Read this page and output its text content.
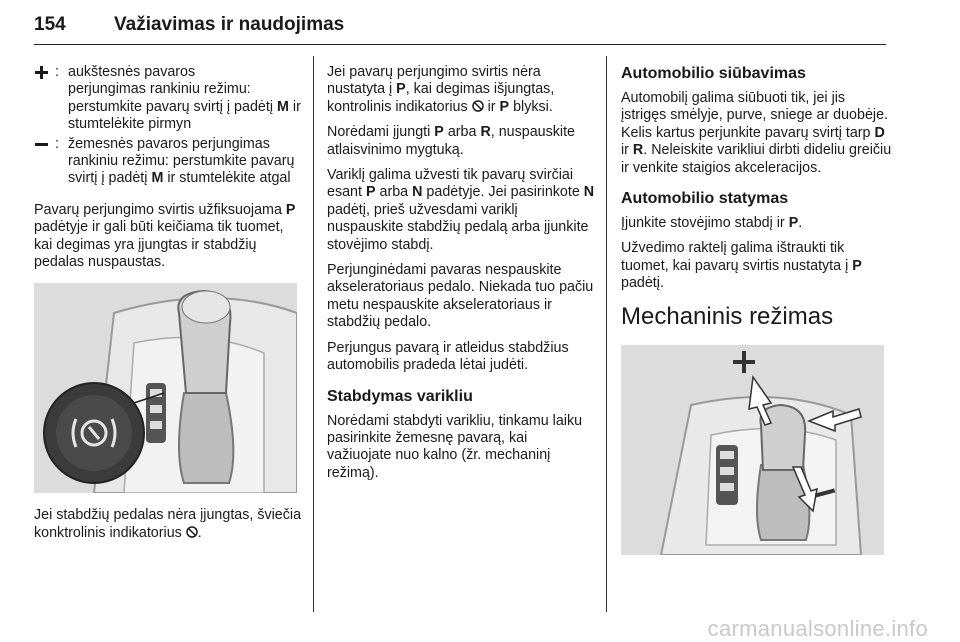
154	Važiavimas ir naudojimas
: aukštesnės pavaros
perjungimas rankiniu režimu: perstumkite pavarų svirtį į padėtį M ir stumtelėkite pirmyn
: žemesnės pavaros perjungimas rankiniu režimu: perstumkite pavarų svirtį į padėtį M ir stumtelėkite atgal

Pavarų perjungimo svirtis užfiksuojama P padėtyje ir gali būti keičiama tik tuomet, kai degimas yra įjungtas ir stabdžių pedalas nuspaustas.

Jei stabdžių pedalas nėra įjungtas, šviečia konktrolinis indikatorius .

Jei pavarų perjungimo svirtis nėra nustatyta į P, kai degimas išjungtas, kontrolinis indikatorius ir P blyksi.

Norėdami įjungti P arba R, nuspauskite atlaisvinimo mygtuką.

Variklį galima užvesti tik pavarų svirčiai esant P arba N padėtyje. Jei pasirinkote N padėtį, prieš užvesdami variklį nuspauskite stabdžių pedalą arba įjunkite stovėjimo stabdį.

Perjunginėdami pavaras nespauskite akseleratoriaus pedalo. Niekada tuo pačiu metu nespauskite akseleratoriaus ir stabdžių pedalo.

Perjungus pavarą ir atleidus stabdžius automobilis pradeda lėtai judėti.

Stabdymas varikliu

Norėdami stabdyti varikliu, tinkamu laiku pasirinkite žemesnę pavarą, kai važiuojate nuo kalno (žr. mechaninį režimą).

Automobilio siūbavimas

Automobilį galima siūbuoti tik, jei jis įstrigęs smėlyje, purve, sniege ar duobėje. Kelis kartus perjunkite pavarų svirtį tarp D ir R. Neleiskite varikliui dirbti dideliu greičiu ir venkite staigios akceleracijos.

Automobilio statymas

Įjunkite stovėjimo stabdį ir P.

Užvedimo raktelį galima ištraukti tik tuomet, kai pavarų svirtis nustatyta į P padėtį.

Mechaninis režimas
carmanualsonline.info
